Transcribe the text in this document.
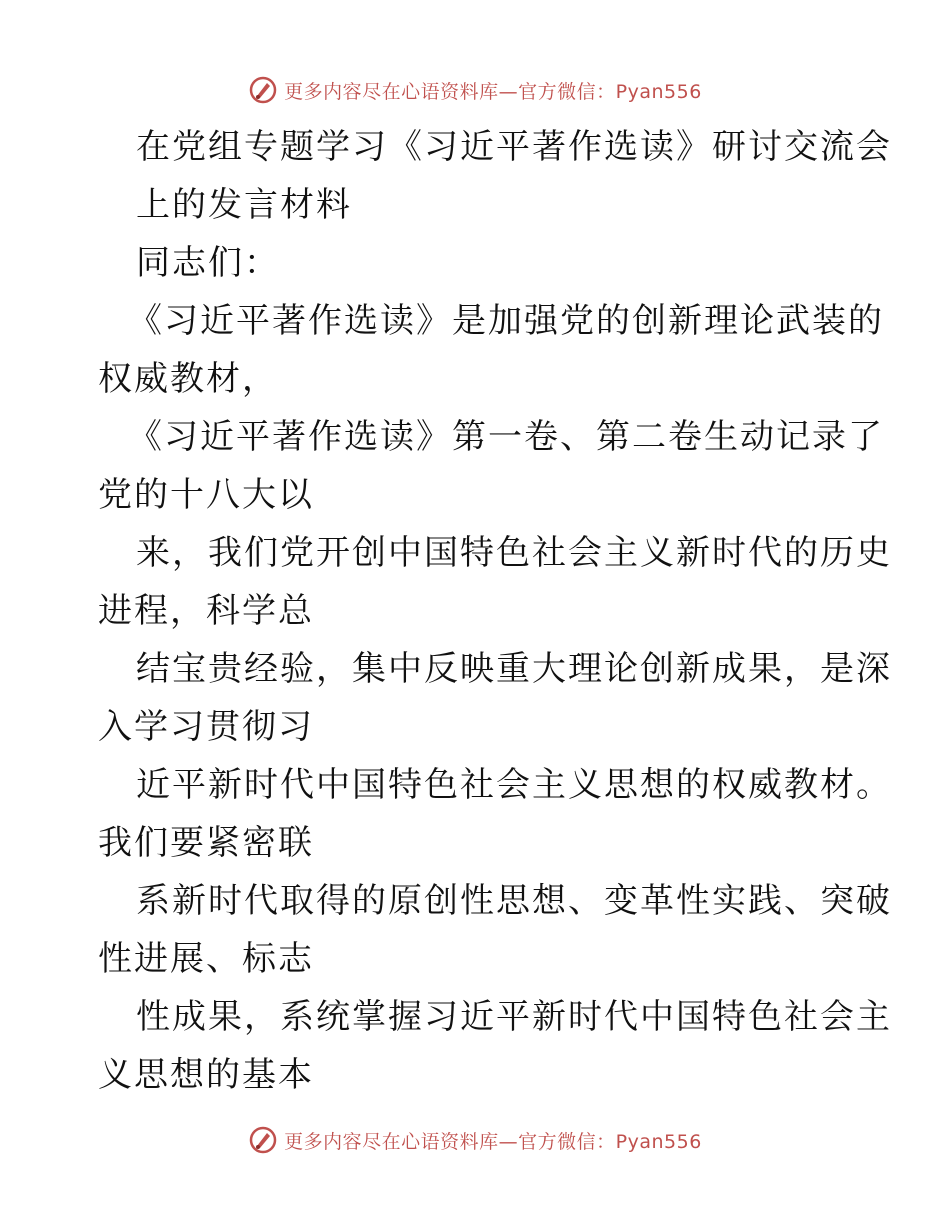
更多内容尽在心语资料库—官方微信：Pyan556
在党组专题学习《习近平著作选读》研讨交流会
上的发言材料
同志们：
《习近平著作选读》是加强党的创新理论武装的
权威教材，
《习近平著作选读》第一卷、第二卷生动记录了
党的十八大以
来，我们党开创中国特色社会主义新时代的历史
进程，科学总
结宝贵经验，集中反映重大理论创新成果，是深
入学习贯彻习
近平新时代中国特色社会主义思想的权威教材。
我们要紧密联
系新时代取得的原创性思想、变革性实践、突破
性进展、标志
性成果，系统掌握习近平新时代中国特色社会主
义思想的基本
更多内容尽在心语资料库—官方微信：Pyan556
